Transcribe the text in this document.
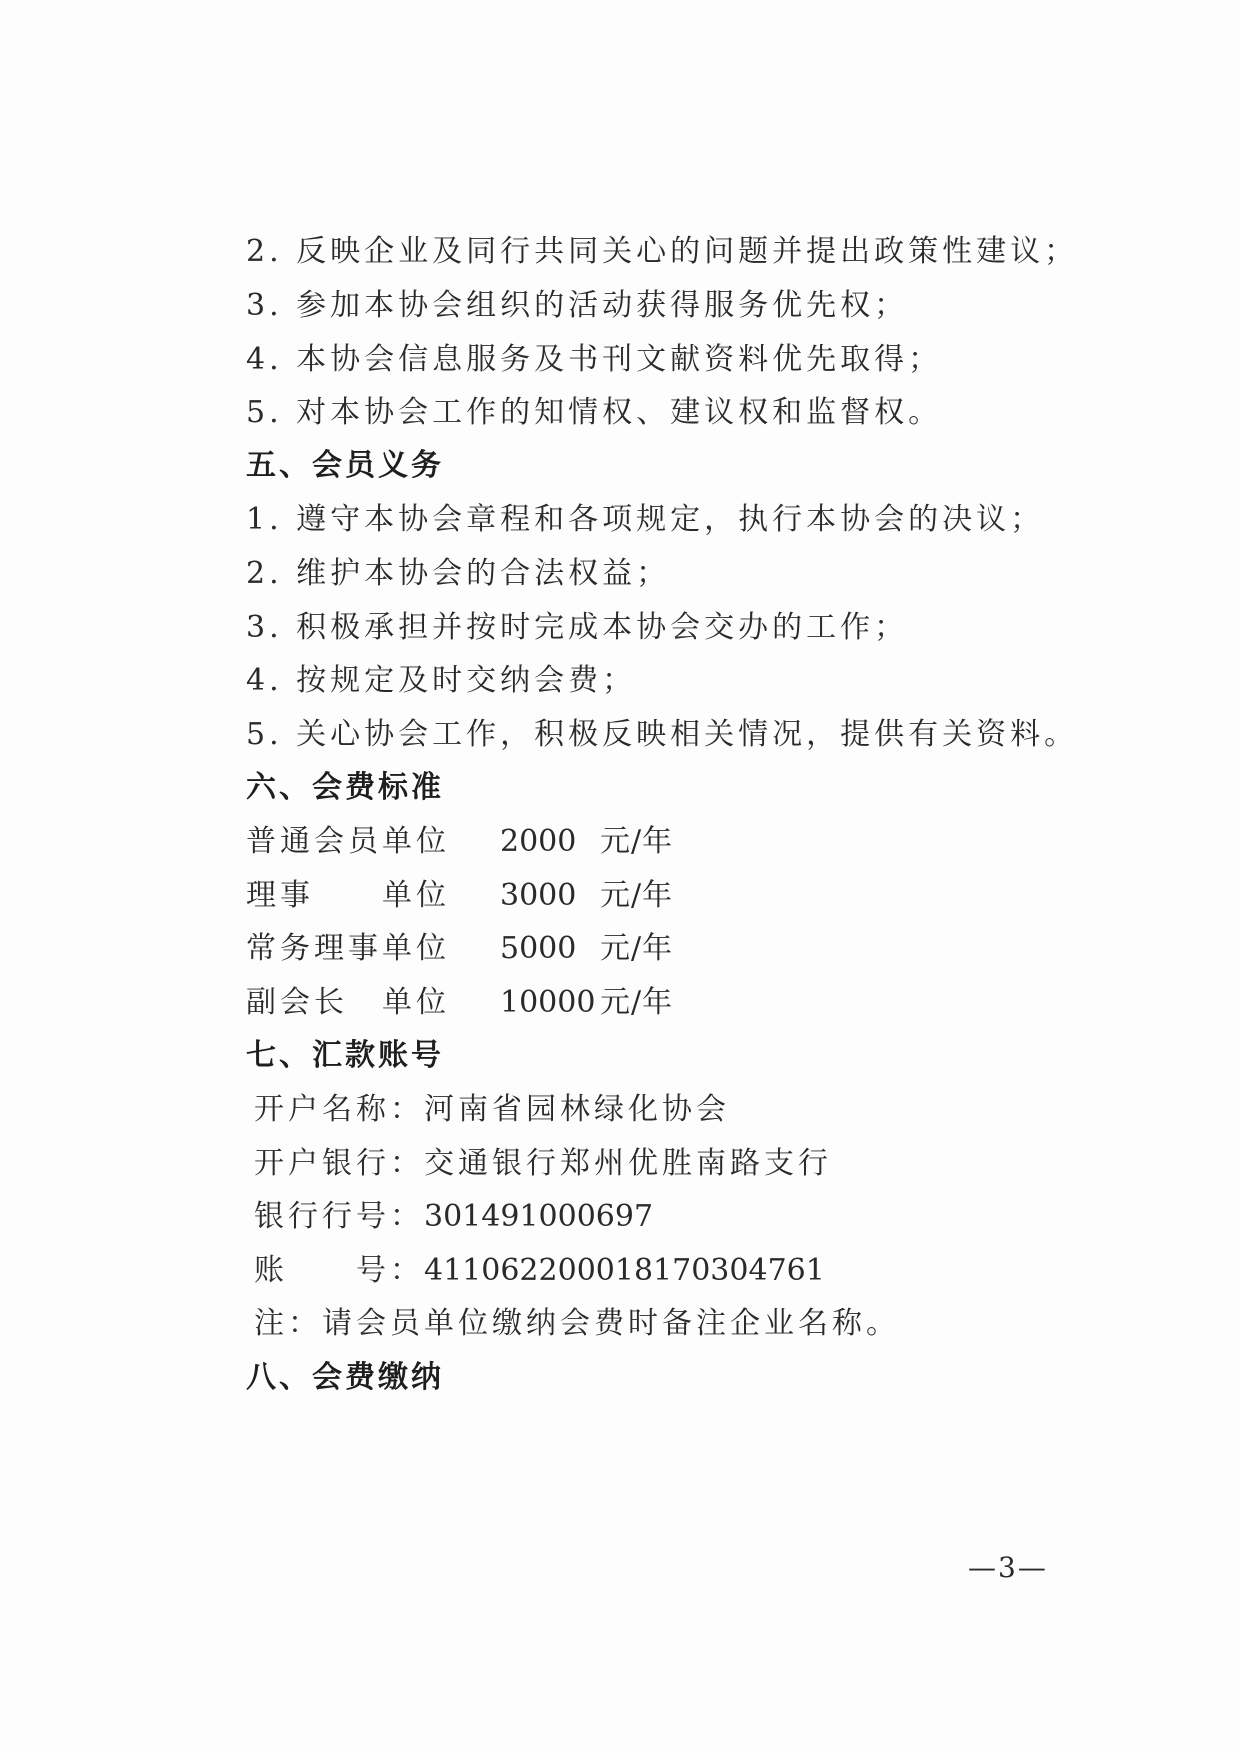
2. 反映企业及同行共同关心的问题并提出政策性建议；
3. 参加本协会组织的活动获得服务优先权；
4. 本协会信息服务及书刊文献资料优先取得；
5. 对本协会工作的知情权、建议权和监督权。
五、会员义务
1. 遵守本协会章程和各项规定，执行本协会的决议；
2. 维护本协会的合法权益；
3. 积极承担并按时完成本协会交办的工作；
4. 按规定及时交纳会费；
5. 关心协会工作，积极反映相关情况，提供有关资料。
六、会费标准
普通会员单位 2000 元/年
理事　　单位 3000 元/年
常务理事单位 5000 元/年
副会长　单位 10000 元/年
七、汇款账号
开户名称：河南省园林绿化协会
开户银行：交通银行郑州优胜南路支行
银行行号：301491000697
账　　号：411062200018170304761
注：请会员单位缴纳会费时备注企业名称。
八、会费缴纳
—3—
